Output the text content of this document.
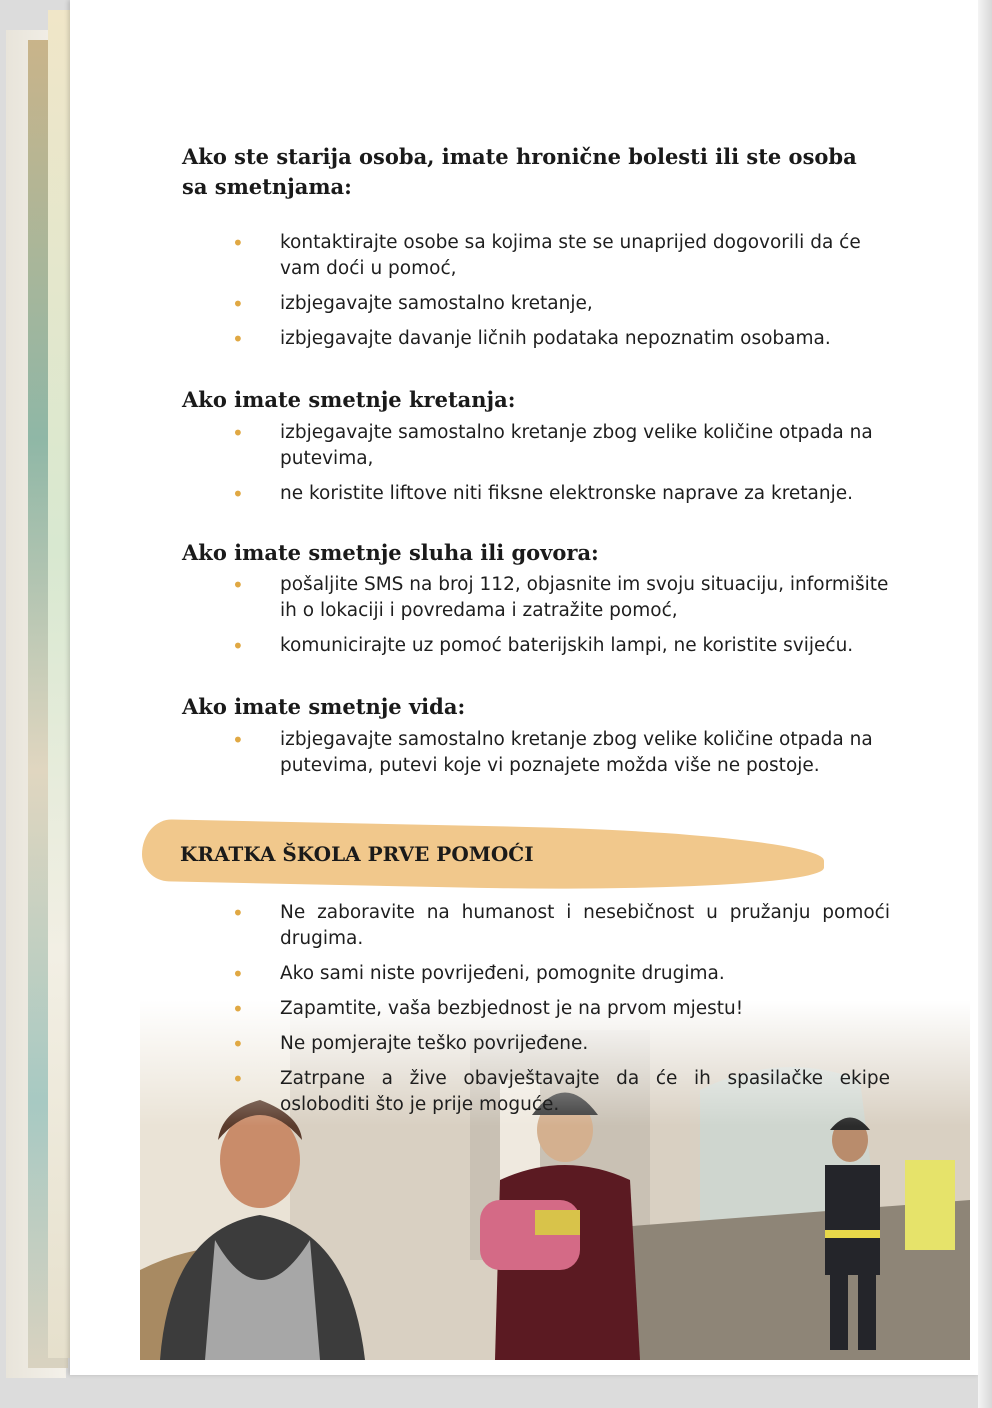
Ako ste starija osoba, imate hronične bolesti ili ste osoba sa smetnjama:
• kontaktirajte osobe sa kojima ste se unaprijed dogovorili da će vam doći u pomoć,
• izbjegavajte samostalno kretanje,
• izbjegavajte davanje ličnih podataka nepoznatim osobama.
Ako imate smetnje kretanja:
• izbjegavajte samostalno kretanje zbog velike količine otpada na putevima,
• ne koristite liftove niti fiksne elektronske naprave za kretanje.
Ako imate smetnje sluha ili govora:
• pošaljite SMS na broj 112, objasnite im svoju situaciju, informišite ih o lokaciji i povredama i zatražite pomoć,
• komunicirajte uz pomoć baterijskih lampi, ne koristite svijeću.
Ako imate smetnje vida:
• izbjegavajte samostalno kretanje zbog velike količine otpada na putevima, putevi koje vi poznajete možda više ne postoje.
KRATKA ŠKOLA PRVE POMOĆI
• Ne zaboravite na humanost i nesebičnost u pružanju pomoći drugima.
• Ako sami niste povrijeđeni, pomognite drugima.
• Zapamtite, vaša bezbjednost je na prvom mjestu!
• Ne pomjerajte teško povrijeđene.
• Zatrpane a žive obavještavajte da će ih spasilačke ekipe osloboditi što je prije moguće.
